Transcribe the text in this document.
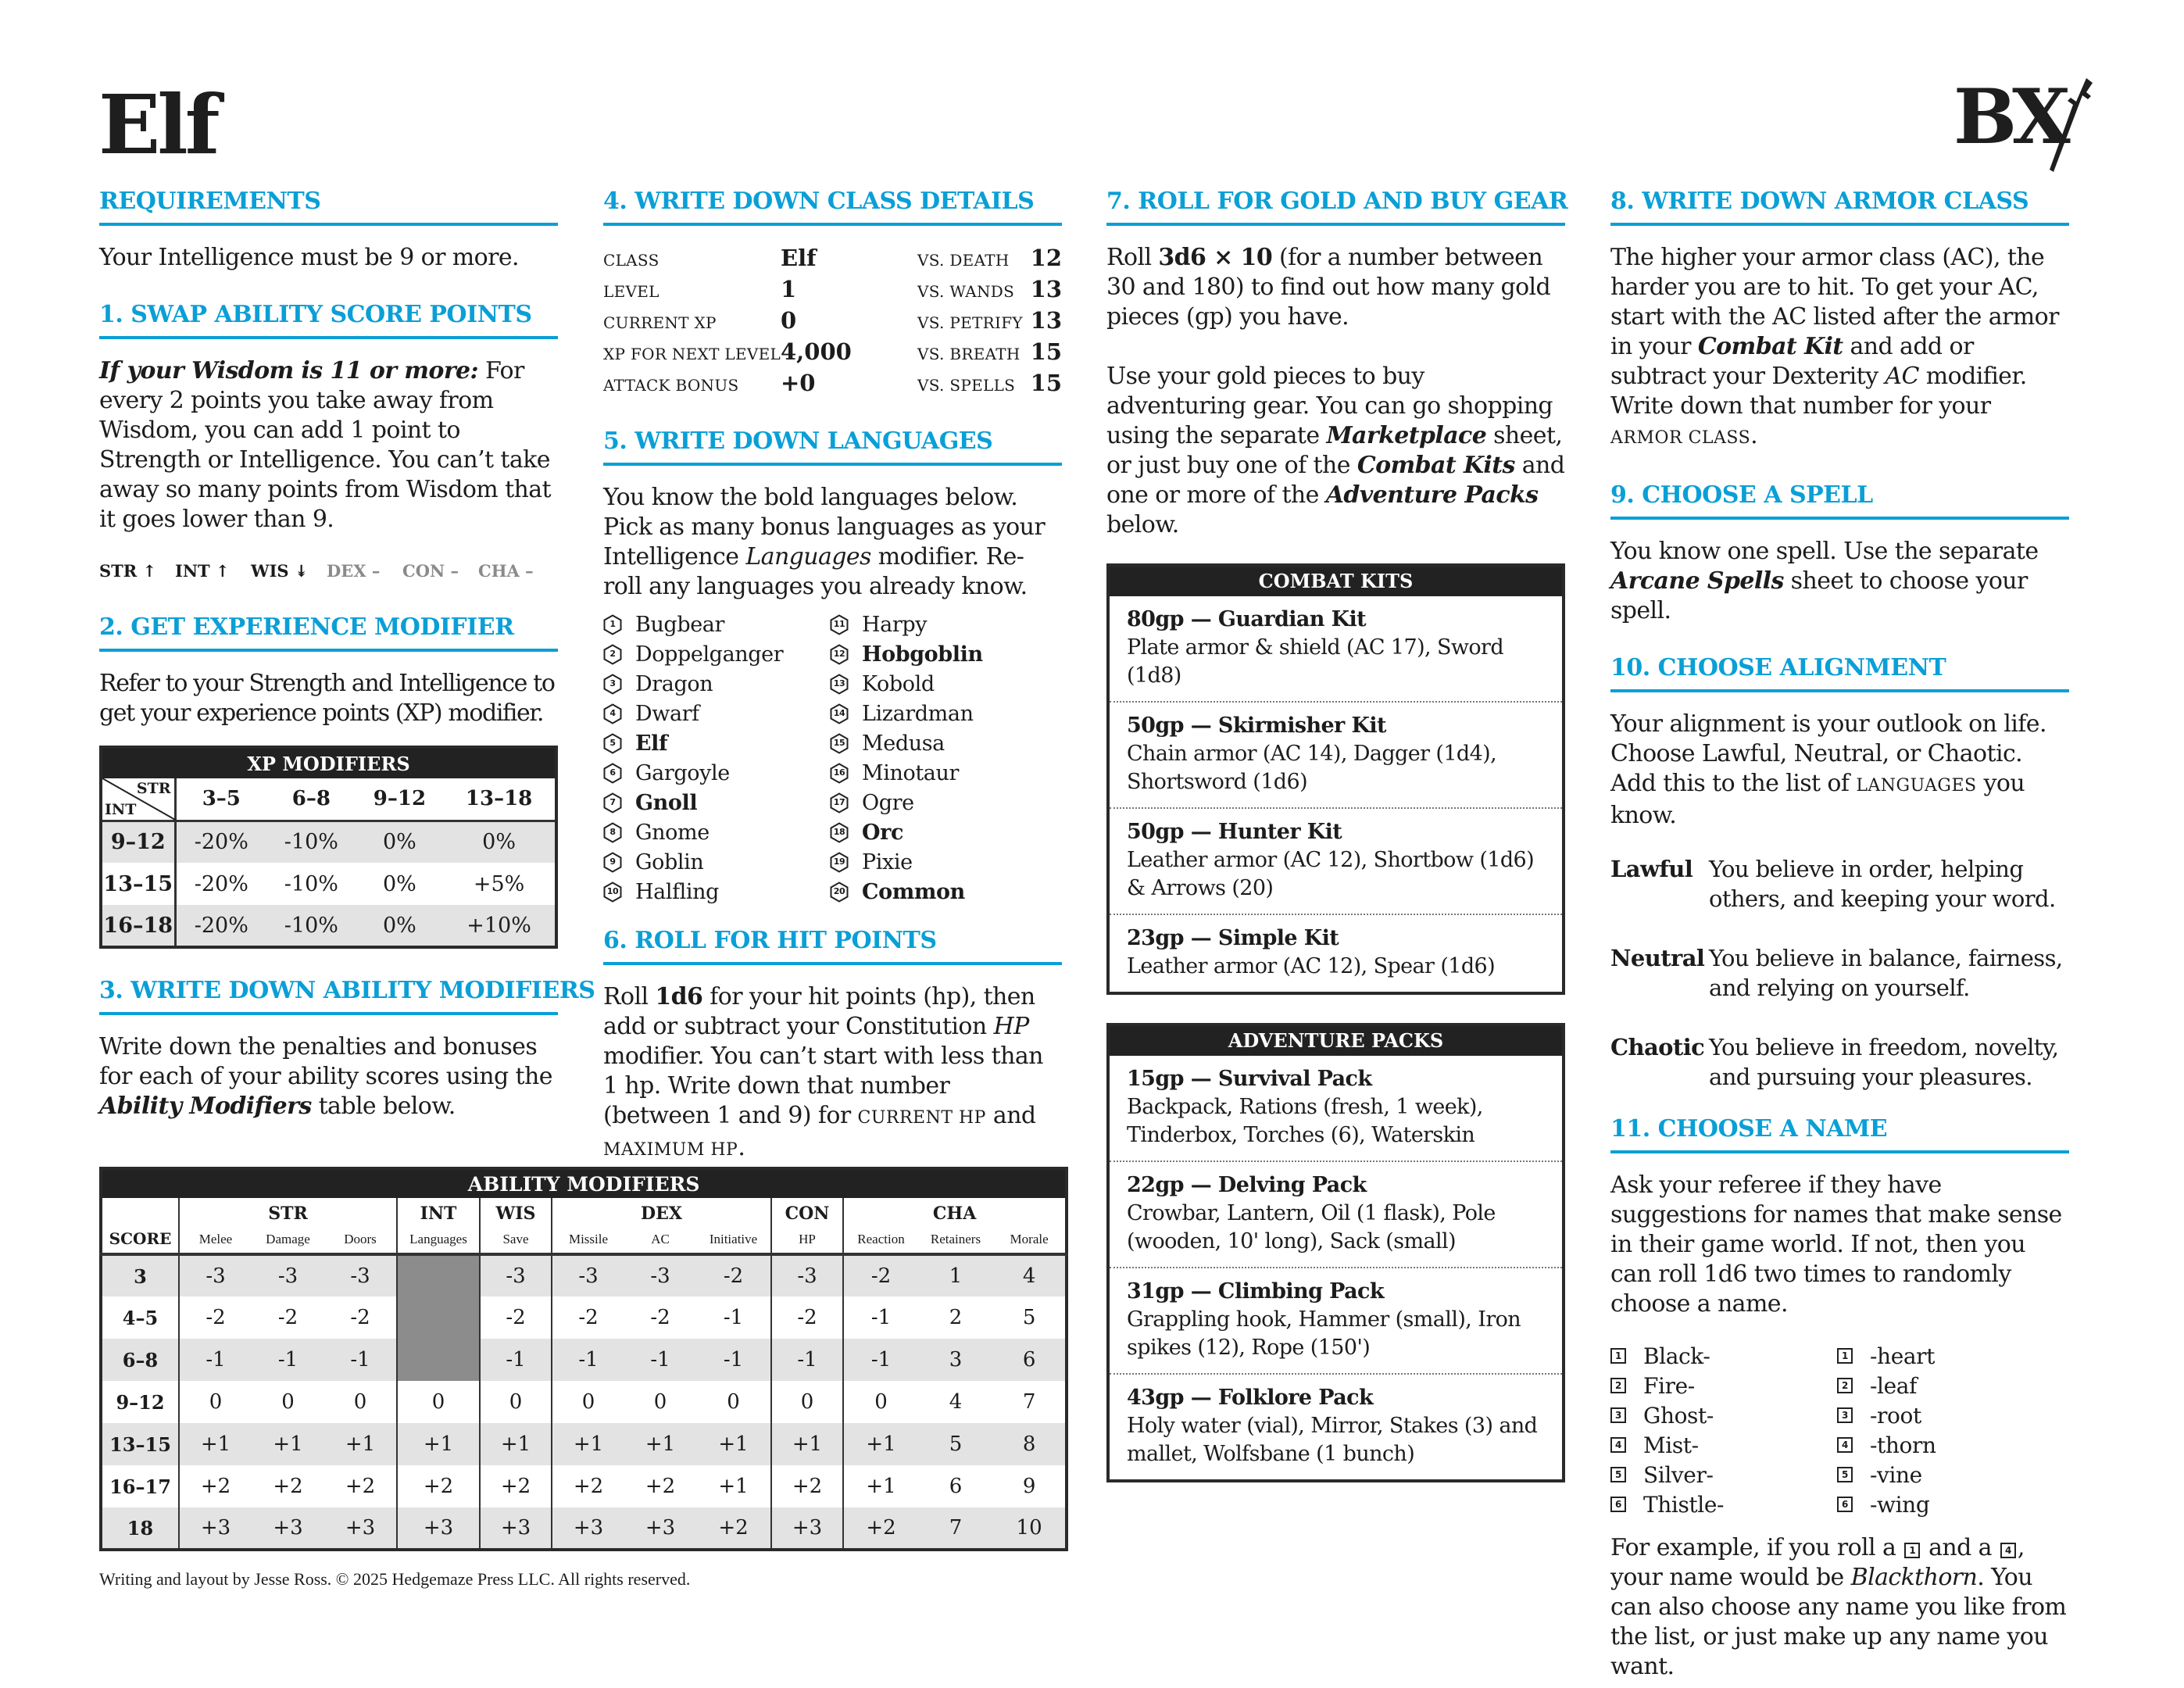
Elf	BX
REQUIREMENTS
Your Intelligence must be 9 or more.
1. SWAP ABILITY SCORE POINTS
If your Wisdom is 11 or more: For every 2 points you take away from Wisdom, you can add 1 point to Strength or Intelligence. You can’t take away so many points from Wisdom that it goes lower than 9.
STR ↑	INT ↑	WIS ↡	DEX –	CON –	CHA –
2. GET EXPERIENCE MODIFIER
Refer to your Strength and Intelligence to get your experience points (XP) modifier.
XP MODIFIERS				

STR
INT	3–5	6–8	9–12	13–18
9–12	-20%	-10%	0%	0%
13–15	-20%	-10%	0%	+5%
16–18	-20%	-10%	0%	+10%
3. WRITE DOWN ABILITY MODIFIERS
Write down the penalties and bonuses for each of your ability scores using the Ability Modifiers table below.
4. WRITE DOWN CLASS DETAILS
CLASS	Elf	VS. DEATH 12
LEVEL	1	VS. WANDS 13
CURRENT XP	0	VS. PETRIFY 13
XP FOR NEXT LEVEL 4,000	VS. BREATH 15
ATTACK BONUS	+0	VS. SPELLS 15
5. WRITE DOWN LANGUAGES
You know the bold languages below. Pick as many bonus languages as your Intelligence Languages modifier. Re-roll any languages you already know.
1 Bugbear	11 Harpy
2 Doppelganger	12 Hobgoblin
3 Dragon	13 Kobold
4 Dwarf	14 Lizardman
5 Elf	15 Medusa
6 Gargoyle	16 Minotaur
7 Gnoll	17 Ogre
8 Gnome	18 Orc
9 Goblin	19 Pixie
10 Halfling	20 Common
6. ROLL FOR HIT POINTS
Roll 1d6 for your hit points (hp), then add or subtract your Constitution HP modifier. You can’t start with less than 1 hp. Write down that number (between 1 and 9) for CURRENT HP and MAXIMUM HP.
ABILITY MODIFIERS												
SCORE	STR			INT	WIS	DEX			CON	CHA		
	Melee	Damage	Doors	Languages	Save	Missile	AC	Initiative	HP	Reaction	Retainers	Morale
3	-3	-3	-3		-3	-3	-3	-2	-3	-2	1	4
4–5	-2	-2	-2		-2	-2	-2	-1	-2	-1	2	5
6–8	-1	-1	-1		-1	-1	-1	-1	-1	-1	3	6
9–12	0	0	0	0	0	0	0	0	0	0	4	7
13–15	+1	+1	+1	+1	+1	+1	+1	+1	+1	+1	5	8
16–17	+2	+2	+2	+2	+2	+2	+2	+1	+2	+1	6	9
18	+3	+3	+3	+3	+3	+3	+3	+2	+3	+2	7	10
Writing and layout by Jesse Ross. © 2025 Hedgemaze Press LLC. All rights reserved.
7. ROLL FOR GOLD AND BUY GEAR
Roll 3d6 × 10 (for a number between 30 and 180) to find out how many gold pieces (gp) you have.
Use your gold pieces to buy adventuring gear. You can go shopping using the separate Marketplace sheet, or just buy one of the Combat Kits and one or more of the Adventure Packs below.
COMBAT KITS
80gp — Guardian Kit
Plate armor & shield (AC 17), Sword (1d8)
50gp — Skirmisher Kit
Chain armor (AC 14), Dagger (1d4), Shortsword (1d6)
50gp — Hunter Kit
Leather armor (AC 12), Shortbow (1d6) & Arrows (20)
23gp — Simple Kit
Leather armor (AC 12), Spear (1d6)
ADVENTURE PACKS
15gp — Survival Pack
Backpack, Rations (fresh, 1 week), Tinderbox, Torches (6), Waterskin
22gp — Delving Pack
Crowbar, Lantern, Oil (1 flask), Pole (wooden, 10' long), Sack (small)
31gp — Climbing Pack
Grappling hook, Hammer (small), Iron spikes (12), Rope (150')
43gp — Folklore Pack
Holy water (vial), Mirror, Stakes (3) and mallet, Wolfsbane (1 bunch)
8. WRITE DOWN ARMOR CLASS
The higher your armor class (AC), the harder you are to hit. To get your AC, start with the AC listed after the armor in your Combat Kit and add or subtract your Dexterity AC modifier. Write down that number for your ARMOR CLASS.
9. CHOOSE A SPELL
You know one spell. Use the separate Arcane Spells sheet to choose your spell.
10. CHOOSE ALIGNMENT
Your alignment is your outlook on life. Choose Lawful, Neutral, or Chaotic. Add this to the list of LANGUAGES you know.
Lawful You believe in order, helping others, and keeping your word.
Neutral You believe in balance, fairness, and relying on yourself.
Chaotic You believe in freedom, novelty, and pursuing your pleasures.
11. CHOOSE A NAME
Ask your referee if they have suggestions for names that make sense in their game world. If not, then you can roll 1d6 two times to randomly choose a name.
1 Black-	1 -heart
2 Fire-	2 -leaf
3 Ghost-	3 -root
4 Mist-	4 -thorn
5 Silver-	5 -vine
6 Thistle-	6 -wing
For example, if you roll a 1 and a 4 , your name would be Blackthorn. You can also choose any name you like from the list, or just make up any name you want.
